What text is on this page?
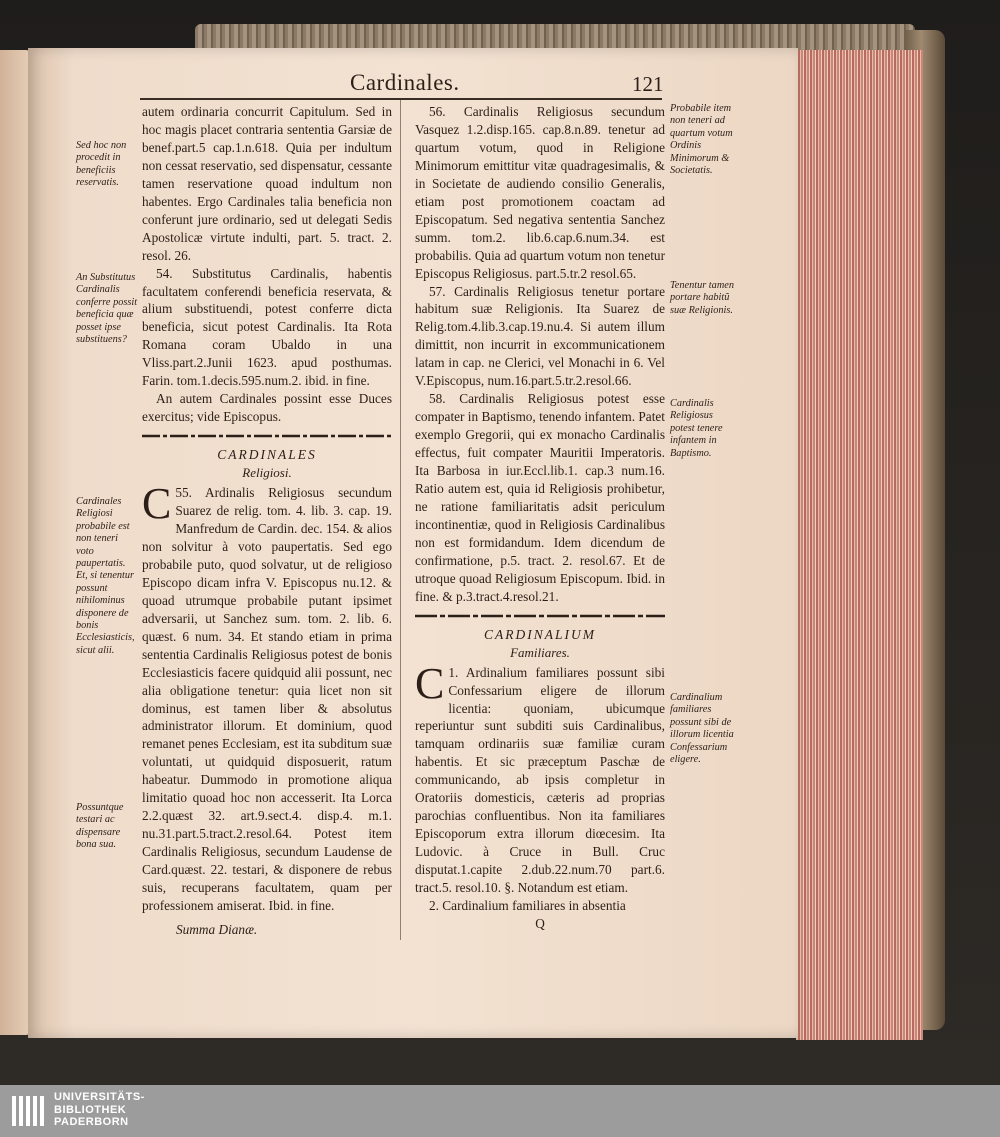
Cardinales.	121

autem ordinaria concurrit Capitulum. Sed in hoc magis placet contraria sententia Garsiæ de benef.part.5 cap.1.n.618. Quia per indultum non cessat reservatio, sed dispensatur, cessante tamen reservatione quoad indultum non habentes. Ergo Cardinales talia beneficia non conferunt jure ordinario, sed ut delegati Sedis Apostolicæ virtute indulti, part. 5. tract. 2. resol. 26.

54. Substitutus Cardinalis, habentis facultatem conferendi beneficia reservata, & alium substituendi, potest conferre dicta beneficia, sicut potest Cardinalis. Ita Rota Romana coram Ubaldo in una Vliss.part.2.Junii 1623. apud posthumas. Farin. tom.1.decis.595.num.2. ibid. in fine.

An autem Cardinales possint esse Duces exercitus; vide Episcopus.

CARDINALES
Religiosi.

C 55. Ardinalis Religiosus secundum Suarez de relig. tom. 4. lib. 3. cap. 19. Manfredum de Cardin. dec. 154. & alios non solvitur à voto paupertatis. Sed ego probabile puto, quod solvatur, ut de religioso Episcopo dicam infra V. Episcopus nu.12. & quoad utrumque probabile putant ipsimet adversarii, ut Sanchez sum. tom. 2. lib. 6. quæst. 6 num. 34. Et stando etiam in prima sententia Cardinalis Religiosus potest de bonis Ecclesiasticis facere quidquid alii possunt, nec alia obligatione tenetur: quia licet non sit dominus, est tamen liber & absolutus administrator illorum. Et dominium, quod remanet penes Ecclesiam, est ita subditum suæ voluntati, ut quidquid disposuerit, ratum habeatur. Dummodo in promotione aliqua limitatio quoad hoc non accesserit. Ita Lorca 2.2.quæst 32. art.9.sect.4. disp.4. m.1. nu.31.part.5.tract.2.resol.64. Potest item Cardinalis Religiosus, secundum Laudense de Card.quæst. 22. testari, & disponere de rebus suis, recuperans facultatem, quam per professionem amiserat. Ibid. in fine.

Summa Dianæ.

56. Cardinalis Religiosus secundum Vasquez 1.2.disp.165. cap.8.n.89. tenetur ad quartum votum, quod in Religione Minimorum emittitur vitæ quadragesimalis, & in Societate de audiendo consilio Generalis, etiam post promotionem coactam ad Episcopatum. Sed negativa sententia Sanchez summ. tom.2. lib.6.cap.6.num.34. est probabilis. Quia ad quartum votum non tenetur Episcopus Religiosus. part.5.tr.2 resol.65.

57. Cardinalis Religiosus tenetur portare habitum suæ Religionis. Ita Suarez de Relig.tom.4.lib.3.cap.19.nu.4. Si autem illum dimittit, non incurrit in excommunicationem latam in cap. ne Clerici, vel Monachi in 6. Vel V.Episcopus, num.16.part.5.tr.2.resol.66.

58. Cardinalis Religiosus potest esse compater in Baptismo, tenendo infantem. Patet exemplo Gregorii, qui ex monacho Cardinalis effectus, fuit compater Mauritii Imperatoris. Ita Barbosa in iur.Eccl.lib.1. cap.3 num.16. Ratio autem est, quia id Religiosis prohibetur, ne ratione familiaritatis adsit periculum incontinentiæ, quod in Religiosis Cardinalibus non est formidandum. Idem dicendum de confirmatione, p.5. tract. 2. resol.67. Et de utroque quoad Religiosum Episcopum. Ibid. in fine. & p.3.tract.4.resol.21.

CARDINALIUM
Familiares.

C 1. Ardinalium familiares possunt sibi Confessarium eligere de illorum licentia: quoniam, ubicumque reperiuntur sunt subditi suis Cardinalibus, tamquam ordinariis suæ familiæ curam habentis. Et sic præceptum Paschæ de communicando, ab ipsis completur in Oratoriis domesticis, cæteris ad proprias parochias confluentibus. Non ita familiares Episcoporum extra illorum diœcesim. Ita Ludovic. à Cruce in Bull. Cruc disputat.1.capite 2.dub.22.num.70 part.6. tract.5. resol.10. §. Notandum est etiam.

2. Cardinalium familiares in absentia

Q

Sed hoc non procedit in beneficiis reservatis.
An Substitutus Cardinalis conferre possit beneficia quæ posset ipse substituens?
Cardinales Religiosi probabile est non teneri voto paupertatis. Et, si tenentur possunt nihilominus disponere de bonis Ecclesiasticis, sicut alii.
Possuntque testari ac dispensare bona sua.
Probabile item non teneri ad quartum votum Ordinis Minimorum & Societatis.
Tenentur tamen portare habitũ suæ Religionis.
Cardinalis Religiosus potest tenere infantem in Baptismo.
Cardinalium familiares possunt sibi de illorum licentia Confessarium eligere.
UNIVERSITÄTS-
BIBLIOTHEK
PADERBORN
